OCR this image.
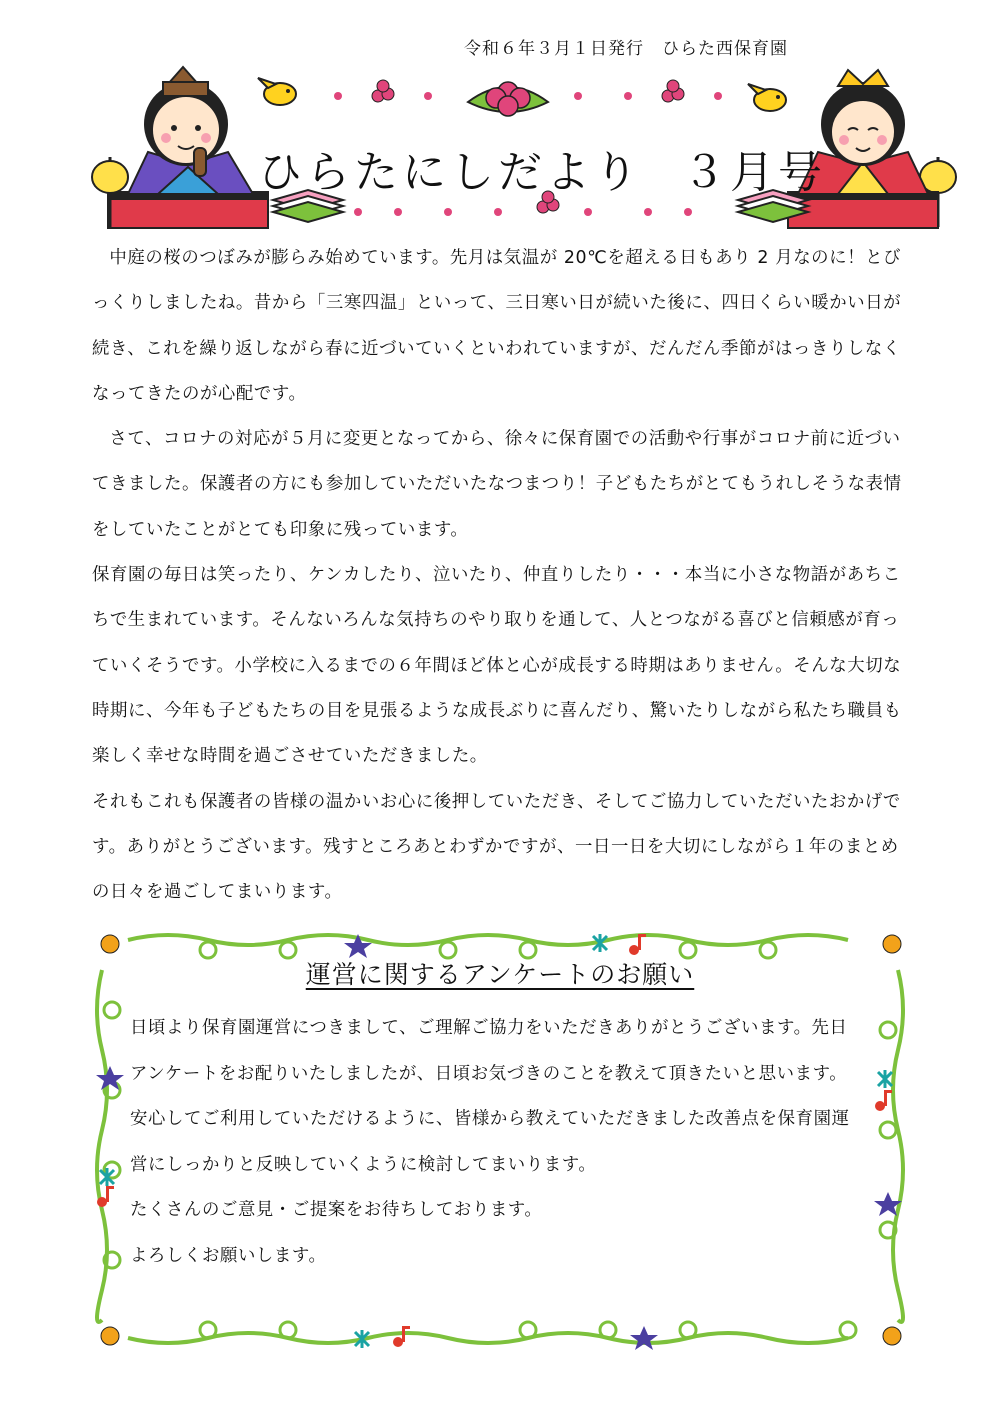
令和６年３月１日発行　ひらた西保育園
ひらたにしだより ３月号

中庭の桜のつぼみが膨らみ始めています。先月は気温が 20℃を超える日もあり 2 月なのに！とびっくりしましたね。昔から「三寒四温」といって、三日寒い日が続いた後に、四日くらい暖かい日が続き、これを繰り返しながら春に近づいていくといわれていますが、だんだん季節がはっきりしなくなってきたのが心配です。

さて、コロナの対応が５月に変更となってから、徐々に保育園での活動や行事がコロナ前に近づいてきました。保護者の方にも参加していただいたなつまつり！子どもたちがとてもうれしそうな表情をしていたことがとても印象に残っています。

保育園の毎日は笑ったり、ケンカしたり、泣いたり、仲直りしたり・・・本当に小さな物語があちこちで生まれています。そんないろんな気持ちのやり取りを通して、人とつながる喜びと信頼感が育っていくそうです。小学校に入るまでの６年間ほど体と心が成長する時期はありません。そんな大切な時期に、今年も子どもたちの目を見張るような成長ぶりに喜んだり、驚いたりしながら私たち職員も楽しく幸せな時間を過ごさせていただきました。

それもこれも保護者の皆様の温かいお心に後押していただき、そしてご協力していただいたおかげです。ありがとうございます。残すところあとわずかですが、一日一日を大切にしながら１年のまとめの日々を過ごしてまいります。

運営に関するアンケートのお願い

日頃より保育園運営につきまして、ご理解ご協力をいただきありがとうございます。先日アンケートをお配りいたしましたが、日頃お気づきのことを教えて頂きたいと思います。

安心してご利用していただけるように、皆様から教えていただきました改善点を保育園運営にしっかりと反映していくように検討してまいります。

たくさんのご意見・ご提案をお待ちしております。

よろしくお願いします。
